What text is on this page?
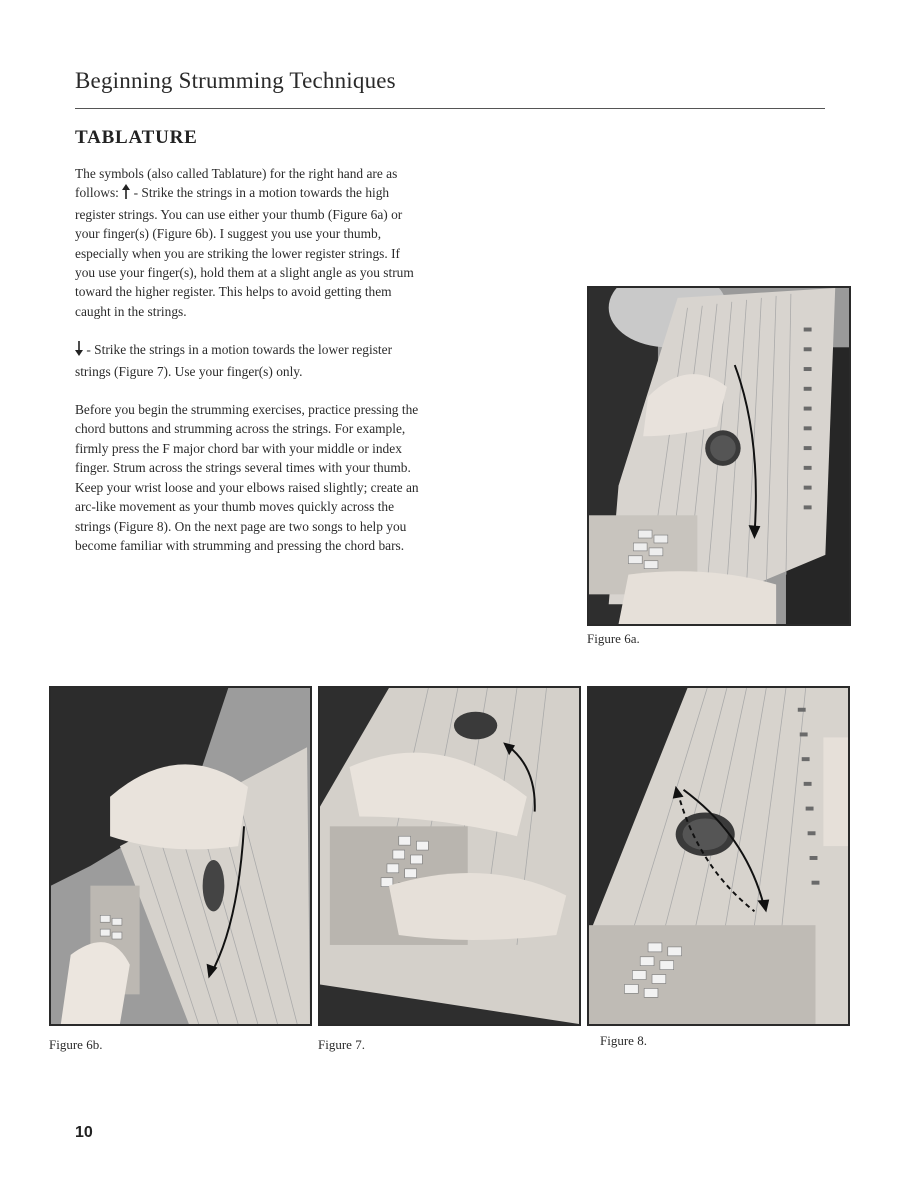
Beginning Strumming Techniques
TABLATURE

The symbols (also called Tablature) for the right hand are as follows:  - Strike the strings in a motion towards the high register strings. You can use either your thumb (Figure 6a) or your finger(s) (Figure 6b). I suggest you use your thumb, especially when you are striking the lower register strings. If you use your finger(s), hold them at a slight angle as you strum toward the higher register. This helps to avoid getting them caught in the strings.

- Strike the strings in a motion towards the lower register strings (Figure 7). Use your finger(s) only.

Before you begin the strumming exercises, practice pressing the chord buttons and strumming across the strings. For example, firmly press the F major chord bar with your middle or index finger. Strum across the strings several times with your thumb. Keep your wrist loose and your elbows raised slightly; create an arc-like movement as your thumb moves quickly across the strings (Figure 8). On the next page are two songs to help you become familiar with strumming and pressing the chord bars.

Figure 6a.
Figure 6b.	Figure 7.	Figure 8.
10
